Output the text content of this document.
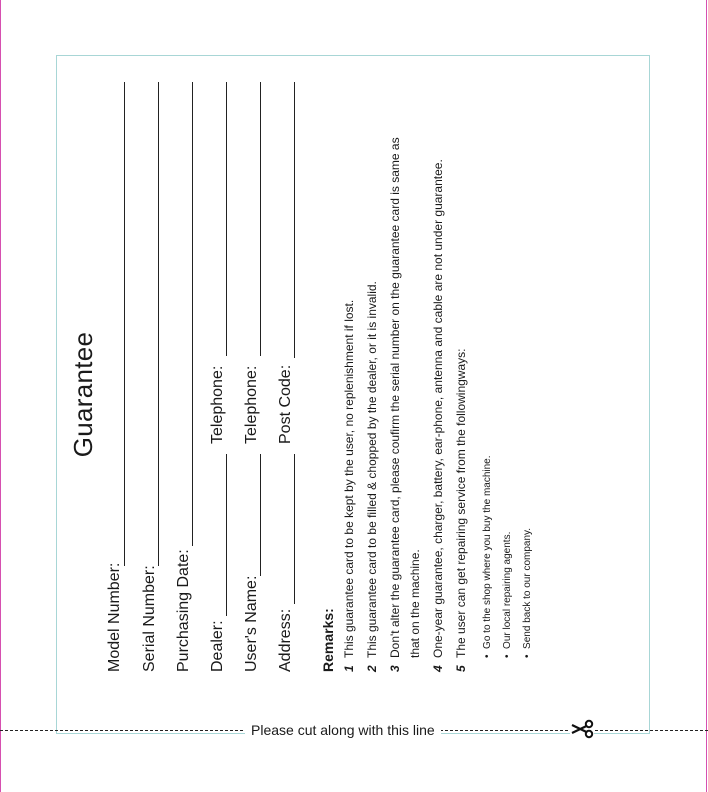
Guarantee
Model Number: Serial Number: Purchasing Date: Dealer:
Telephone:
User's Name:
Telephone:
Address:
Post Code:
Remarks: 1
This guarantee card to be kept by the user, no replenishment if lost.
2
This guarantee card to be filled & chopped by the dealer, or it is invalid.
3
Don't alter the guarantee card, please coufirm the serial number on the guarantee card is same as that on the machine.
4
One-year guarantee, charger, battery, ear-phone, antenna and cable are not under guarantee.
5
The user can get repairing service from the followingways: •  Go to the shop where you buy the machine.
•  Our local repairing agents.
•  Send back to our company.
Please cut along with this line
